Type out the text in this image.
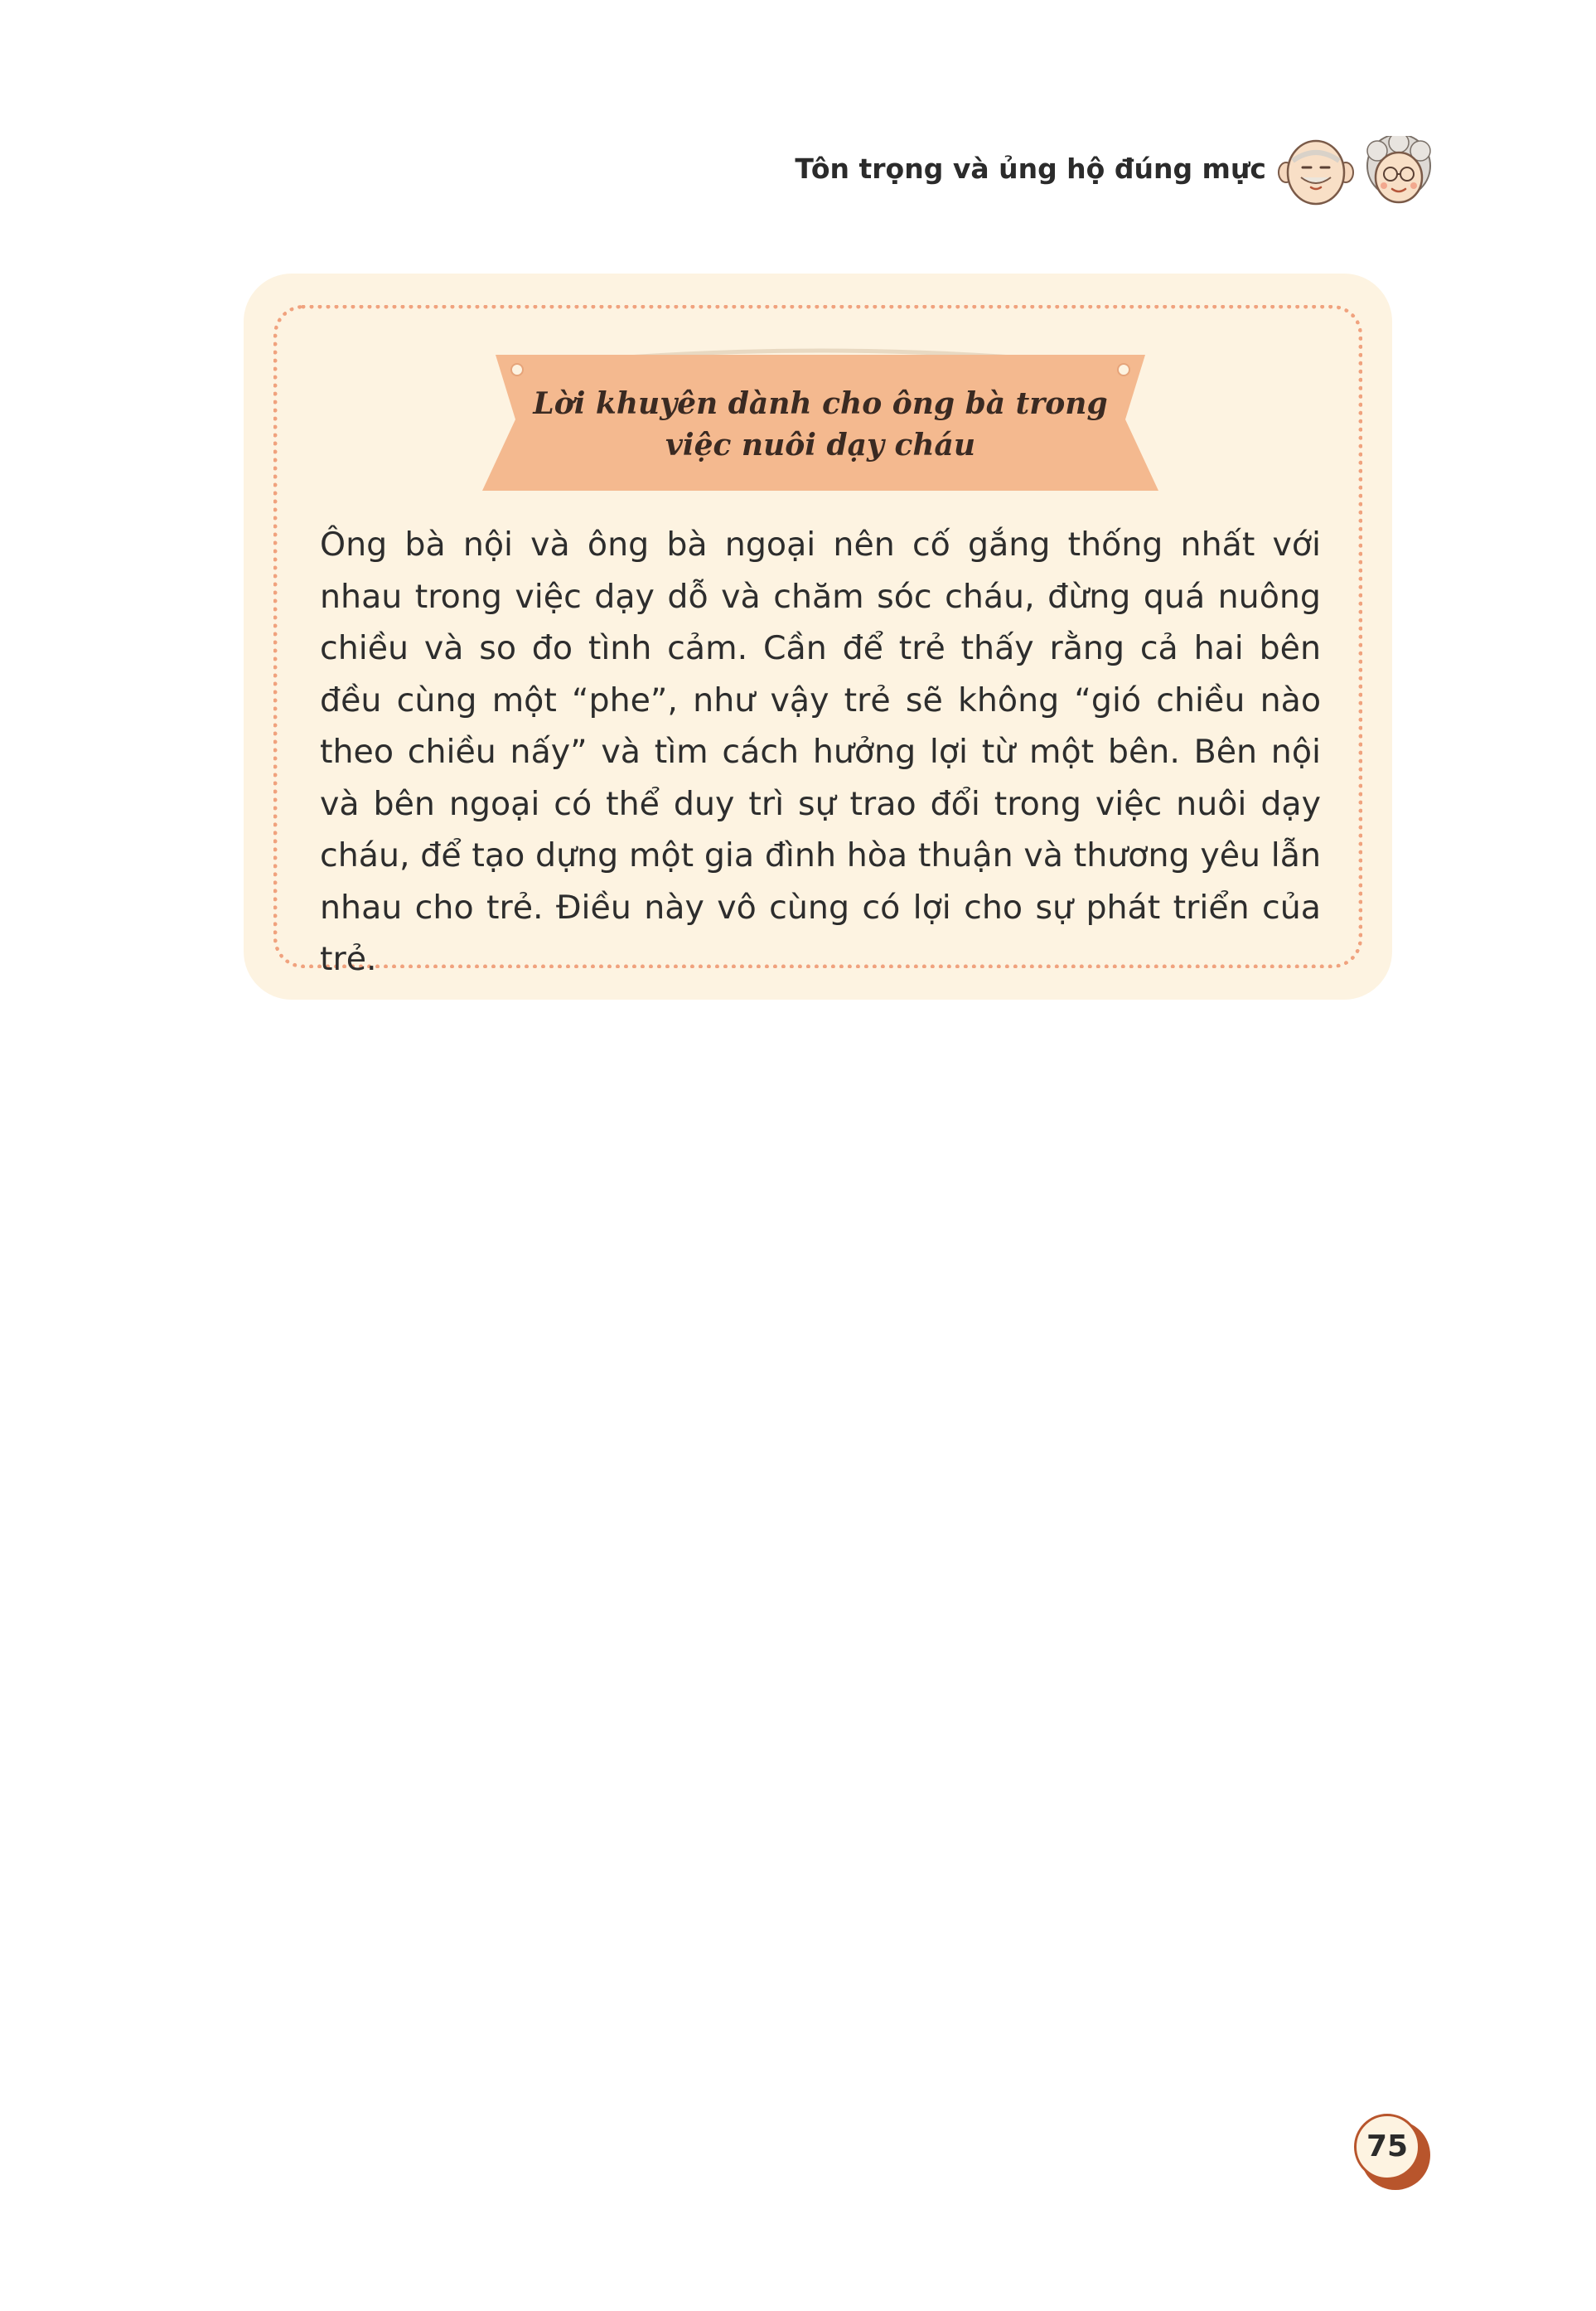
Tôn trọng và ủng hộ đúng mực
Lời khuyên dành cho ông bà trong việc nuôi dạy cháu

Ông bà nội và ông bà ngoại nên cố gắng thống nhất với nhau trong việc dạy dỗ và chăm sóc cháu, đừng quá nuông chiều và so đo tình cảm. Cần để trẻ thấy rằng cả hai bên đều cùng một “phe”, như vậy trẻ sẽ không “gió chiều nào theo chiều nấy” và tìm cách hưởng lợi từ một bên. Bên nội và bên ngoại có thể duy trì sự trao đổi trong việc nuôi dạy cháu, để tạo dựng một gia đình hòa thuận và thương yêu lẫn nhau cho trẻ. Điều này vô cùng có lợi cho sự phát triển của trẻ.

75
